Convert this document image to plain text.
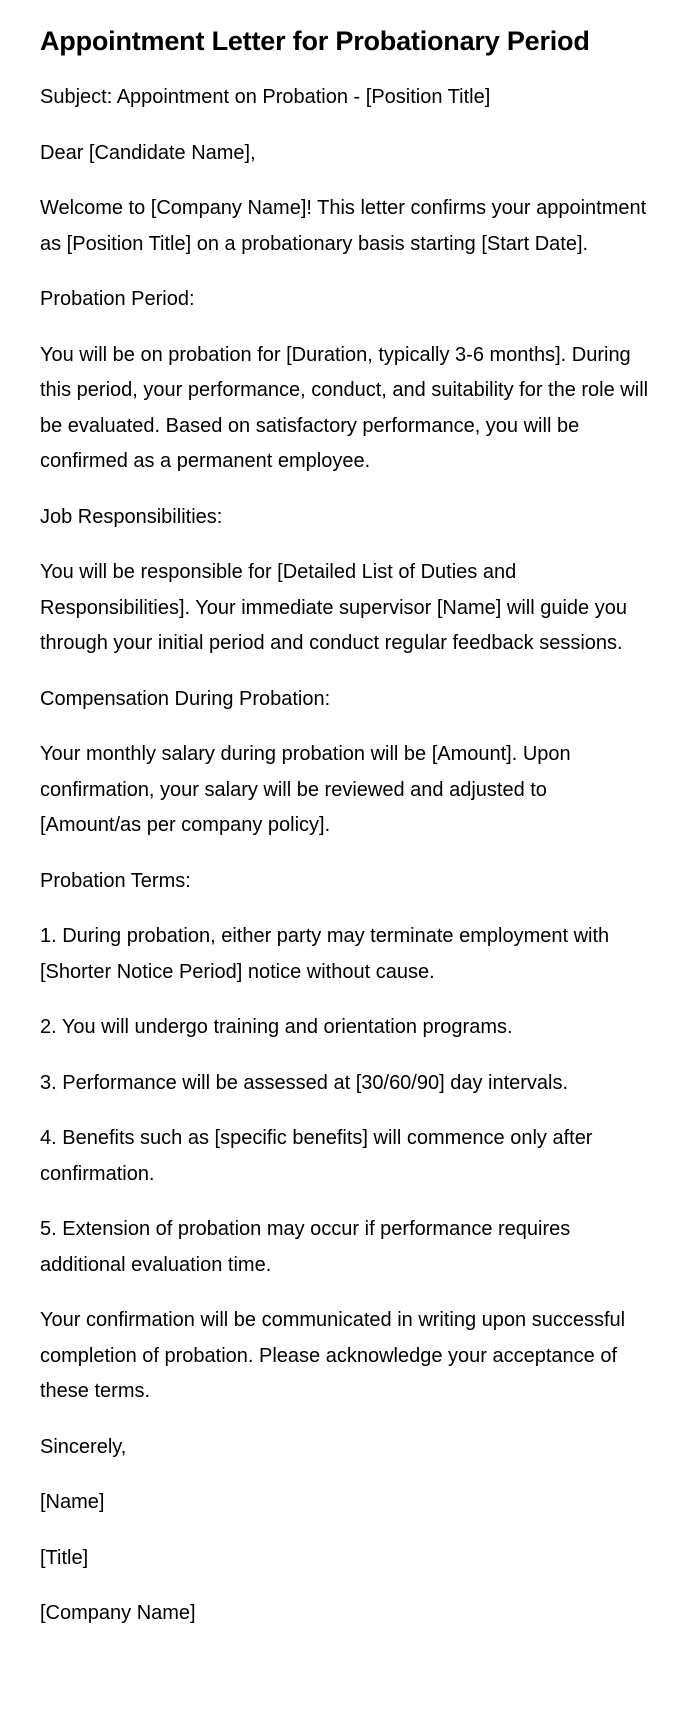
Appointment Letter for Probationary Period

Subject: Appointment on Probation - [Position Title]

Dear [Candidate Name],

Welcome to [Company Name]! This letter confirms your appointment as [Position Title] on a probationary basis starting [Start Date].

Probation Period:

You will be on probation for [Duration, typically 3-6 months]. During this period, your performance, conduct, and suitability for the role will be evaluated. Based on satisfactory performance, you will be confirmed as a permanent employee.

Job Responsibilities:

You will be responsible for [Detailed List of Duties and Responsibilities]. Your immediate supervisor [Name] will guide you through your initial period and conduct regular feedback sessions.

Compensation During Probation:

Your monthly salary during probation will be [Amount]. Upon confirmation, your salary will be reviewed and adjusted to [Amount/as per company policy].

Probation Terms:

1. During probation, either party may terminate employment with [Shorter Notice Period] notice without cause.

2. You will undergo training and orientation programs.

3. Performance will be assessed at [30/60/90] day intervals.

4. Benefits such as [specific benefits] will commence only after confirmation.

5. Extension of probation may occur if performance requires additional evaluation time.

Your confirmation will be communicated in writing upon successful completion of probation. Please acknowledge your acceptance of these terms.

Sincerely,

[Name]

[Title]

[Company Name]
